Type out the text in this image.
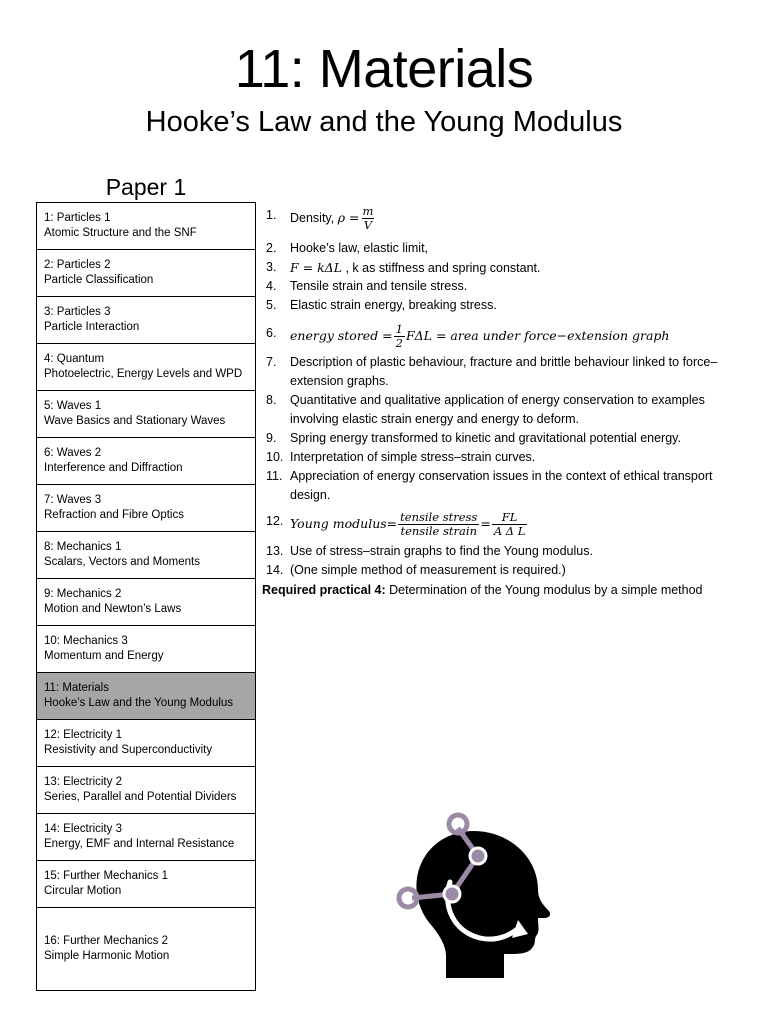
11: Materials
Hooke’s Law and the Young Modulus
Paper 1
1: Particles 1
Atomic Structure and the SNF
2: Particles 2
Particle Classification
3: Particles 3
Particle Interaction
4: Quantum
Photoelectric, Energy Levels and WPD
5: Waves 1
Wave Basics and Stationary Waves
6: Waves 2
Interference and Diffraction
7: Waves 3
Refraction and Fibre Optics
8: Mechanics 1
Scalars, Vectors and Moments
9: Mechanics 2
Motion and Newton’s Laws
10: Mechanics 3
Momentum and Energy
11: Materials
Hooke’s Law and the Young Modulus
12: Electricity 1
Resistivity and Superconductivity
13: Electricity 2
Series, Parallel and Potential Dividers
14: Electricity 3
Energy, EMF and Internal Resistance
15: Further Mechanics 1
Circular Motion
16: Further Mechanics 2
Simple Harmonic Motion
1. Density, $\rho = \frac{m}{V}$
2. Hooke’s law, elastic limit,
3. F = kΔL , k as stiffness and spring constant.
4. Tensile strain and tensile stress.
5. Elastic strain energy, breaking stress.
6. energy stored = $\frac{1}{2}$ FΔL = area under force−extension graph
7. Description of plastic behaviour, fracture and brittle behaviour linked to force–extension graphs.
8. Quantitative and qualitative application of energy conservation to examples involving elastic strain energy and energy to deform.
9. Spring energy transformed to kinetic and gravitational potential energy.
10. Interpretation of simple stress–strain curves.
11. Appreciation of energy conservation issues in the context of ethical transport design.
12. Young modulus= $\frac{\text{tensile stress}}{\text{tensile strain}} = \frac{FL}{\text{A Δ L}}$
13. Use of stress–strain graphs to find the Young modulus.
14. (One simple method of measurement is required.)
Required practical 4: Determination of the Young modulus by a simple method
